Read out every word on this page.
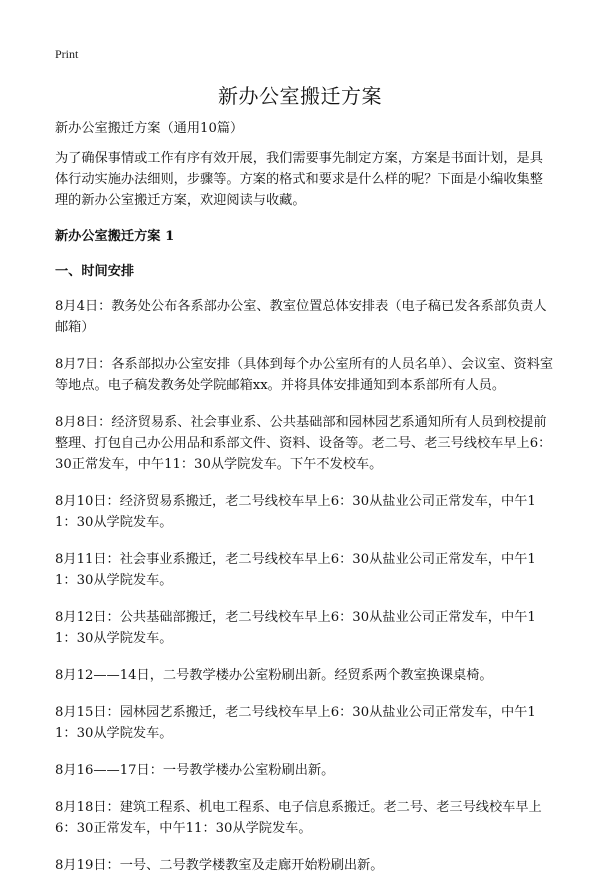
Print
新办公室搬迁方案

新办公室搬迁方案（通用10篇）

为了确保事情或工作有序有效开展，我们需要事先制定方案，方案是书面计划，是具体行动实施办法细则，步骤等。方案的格式和要求是什么样的呢？下面是小编收集整理的新办公室搬迁方案，欢迎阅读与收藏。

新办公室搬迁方案 1

一、时间安排

8月4日：教务处公布各系部办公室、教室位置总体安排表（电子稿已发各系部负责人邮箱）

8月7日：各系部拟办公室安排（具体到每个办公室所有的人员名单）、会议室、资料室等地点。电子稿发教务处学院邮箱xx。并将具体安排通知到本系部所有人员。

8月8日：经济贸易系、社会事业系、公共基础部和园林园艺系通知所有人员到校提前整理、打包自己办公用品和系部文件、资料、设备等。老二号、老三号线校车早上6：30正常发车，中午11：30从学院发车。下午不发校车。

8月10日：经济贸易系搬迁，老二号线校车早上6：30从盐业公司正常发车，中午11：30从学院发车。

8月11日：社会事业系搬迁，老二号线校车早上6：30从盐业公司正常发车，中午11：30从学院发车。

8月12日：公共基础部搬迁，老二号线校车早上6：30从盐业公司正常发车，中午11：30从学院发车。

8月12——14日，二号教学楼办公室粉刷出新。经贸系两个教室换课桌椅。

8月15日：园林园艺系搬迁，老二号线校车早上6：30从盐业公司正常发车，中午11：30从学院发车。

8月16——17日：一号教学楼办公室粉刷出新。

8月18日：建筑工程系、机电工程系、电子信息系搬迁。老二号、老三号线校车早上6：30正常发车，中午11：30从学院发车。

8月19日：一号、二号教学楼教室及走廊开始粉刷出新。
